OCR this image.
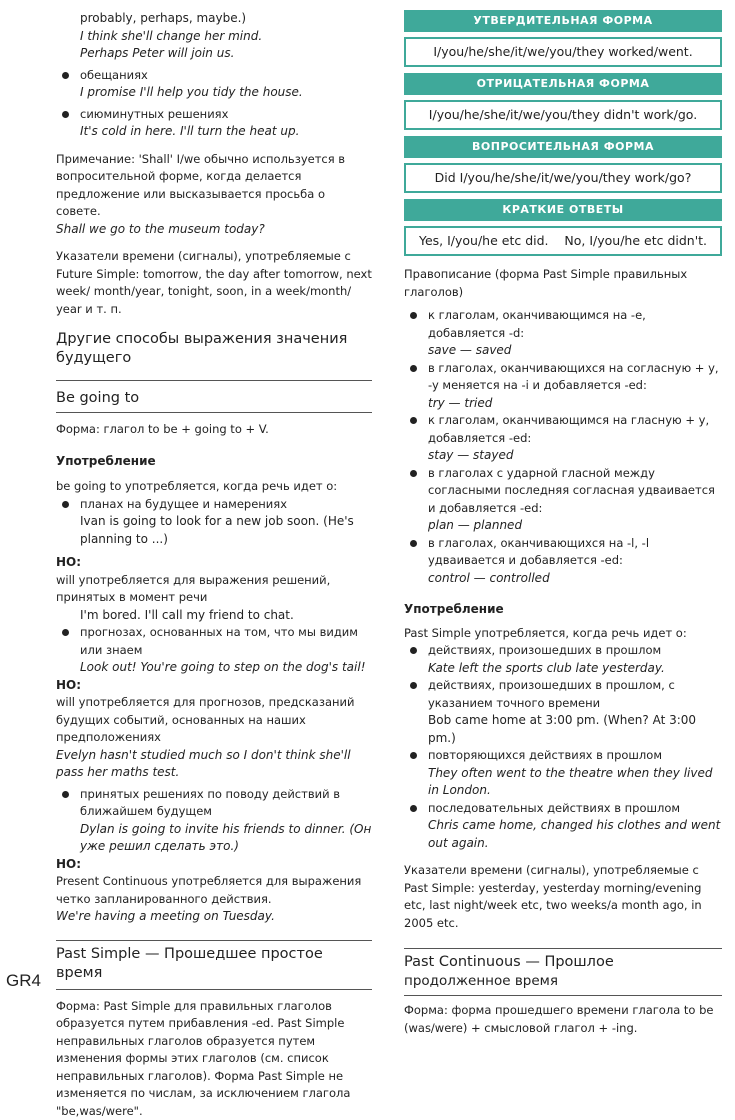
probably, perhaps, maybe.)

I think she'll change her mind.

Perhaps Peter will join us.

обещаниях

I promise I'll help you tidy the house.

сиюминутных решениях

It's cold in here. I'll turn the heat up.

Примечание: 'Shall' I/we обычно используется в вопросительной форме, когда делается предложение или высказывается просьба о совете.

Shall we go to the museum today?

Указатели времени (сигналы), употребляемые с Future Simple: tomorrow, the day after tomorrow, next week/ month/year, tonight, soon, in a week/month/ year и т. п.

Другие способы выражения значения будущего

Be going to

Форма: глагол to be + going to + V.

Употребление

be going to употребляется, когда речь идет о:

планах на будущее и намерениях

Ivan is going to look for a new job soon. (He's planning to ...)

НО:

will употребляется для выражения решений, принятых в момент речи

I'm bored. I'll call my friend to chat.

прогнозах, основанных на том, что мы видим или знаем

Look out! You're going to step on the dog's tail!

НО:

will употребляется для прогнозов, предсказаний будущих событий, основанных на наших предположениях

Evelyn hasn't studied much so I don't think she'll pass her maths test.

принятых решениях по поводу действий в ближайшем будущем

Dylan is going to invite his friends to dinner. (Он уже решил сделать это.)

НО:

Present Continuous употребляется для выражения четко запланированного действия.

We're having a meeting on Tuesday.

Past Simple — Прошедшее простое время

Форма: Past Simple для правильных глаголов образуется путем прибавления -ed. Past Simple неправильных глаголов образуется путем изменения формы этих глаголов (см. список неправильных глаголов). Форма Past Simple не изменяется по числам, за исключением глагола "be,was/were".

УТВЕРДИТЕЛЬНАЯ ФОРМА
I/you/he/she/it/we/you/they worked/went.
ОТРИЦАТЕЛЬНАЯ ФОРМА
I/you/he/she/it/we/you/they didn't work/go.
ВОПРОСИТЕЛЬНАЯ ФОРМА
Did I/you/he/she/it/we/you/they work/go?
КРАТКИЕ ОТВЕТЫ
Yes, I/you/he etc did.    No, I/you/he etc didn't.

Правописание (форма Past Simple правильных глаголов)

к глаголам, оканчивающимся на -e, добавляется -d:

save — saved

в глаголах, оканчивающихся на согласную + y, -y меняется на -i и добавляется -ed:

try — tried

к глаголам, оканчивающимся на гласную + y, добавляется -ed:

stay — stayed

в глаголах с ударной гласной между согласными последняя согласная удваивается и добавляется -ed:

plan — planned

в глаголах, оканчивающихся на -l, -l удваивается и добавляется -ed:

control — controlled

Употребление

Past Simple употребляется, когда речь идет о:

действиях, произошедших в прошлом

Kate left the sports club late yesterday.

действиях, произошедших в прошлом, с указанием точного времени

Bob came home at 3:00 pm. (When? At 3:00 pm.)

повторяющихся действиях в прошлом

They often went to the theatre when they lived in London.

последовательных действиях в прошлом

Chris came home, changed his clothes and went out again.

Указатели времени (сигналы), употребляемые с Past Simple: yesterday, yesterday morning/evening etc, last night/week etc, two weeks/a month ago, in 2005 etc.

Past Continuous — Прошлое

продолженное время

Форма: форма прошедшего времени глагола to be (was/were) + смысловой глагол + -ing.

GR4
